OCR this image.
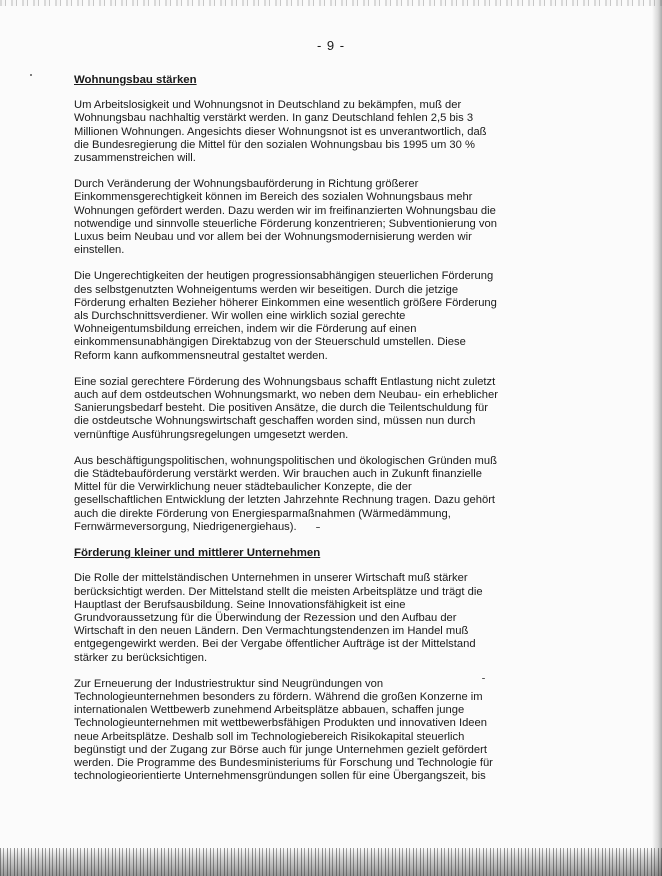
- 9 -
Wohnungsbau stärken

Um Arbeitslosigkeit und Wohnungsnot in Deutschland zu bekämpfen, muß der
Wohnungsbau nachhaltig verstärkt werden. In ganz Deutschland fehlen 2,5 bis 3
Millionen Wohnungen. Angesichts dieser Wohnungsnot ist es unverantwortlich, daß
die Bundesregierung die Mittel für den sozialen Wohnungsbau bis 1995 um 30 %
zusammenstreichen will.

Durch Veränderung der Wohnungsbauförderung in Richtung größerer
Einkommensgerechtigkeit können im Bereich des sozialen Wohnungsbaus mehr
Wohnungen gefördert werden. Dazu werden wir im freifinanzierten Wohnungsbau die
notwendige und sinnvolle steuerliche Förderung konzentrieren; Subventionierung von
Luxus beim Neubau und vor allem bei der Wohnungsmodernisierung werden wir
einstellen.

Die Ungerechtigkeiten der heutigen progressionsabhängigen steuerlichen Förderung
des selbstgenutzten Wohneigentums werden wir beseitigen. Durch die jetzige
Förderung erhalten Bezieher höherer Einkommen eine wesentlich größere Förderung
als Durchschnittsverdiener. Wir wollen eine wirklich sozial gerechte
Wohneigentumsbildung erreichen, indem wir die Förderung auf einen
einkommensunabhängigen Direktabzug von der Steuerschuld umstellen. Diese
Reform kann aufkommensneutral gestaltet werden.

Eine sozial gerechtere Förderung des Wohnungsbaus schafft Entlastung nicht zuletzt
auch auf dem ostdeutschen Wohnungsmarkt, wo neben dem Neubau- ein erheblicher
Sanierungsbedarf besteht. Die positiven Ansätze, die durch die Teilentschuldung für
die ostdeutsche Wohnungswirtschaft geschaffen worden sind, müssen nun durch
vernünftige Ausführungsregelungen umgesetzt werden.

Aus beschäftigungspolitischen, wohnungspolitischen und ökologischen Gründen muß
die Städtebauförderung verstärkt werden. Wir brauchen auch in Zukunft finanzielle
Mittel für die Verwirklichung neuer städtebaulicher Konzepte, die der
gesellschaftlichen Entwicklung der letzten Jahrzehnte Rechnung tragen. Dazu gehört
auch die direkte Förderung von Energiesparmaßnahmen (Wärmedämmung,
Fernwärmeversorgung, Niedrigenergiehaus).

Förderung kleiner und mittlerer Unternehmen

Die Rolle der mittelständischen Unternehmen in unserer Wirtschaft muß stärker
berücksichtigt werden. Der Mittelstand stellt die meisten Arbeitsplätze und trägt die
Hauptlast der Berufsausbildung. Seine Innovationsfähigkeit ist eine
Grundvoraussetzung für die Überwindung der Rezession und den Aufbau der
Wirtschaft in den neuen Ländern. Den Vermachtungstendenzen im Handel muß
entgegengewirkt werden. Bei der Vergabe öffentlicher Aufträge ist der Mittelstand
stärker zu berücksichtigen.

Zur Erneuerung der Industriestruktur sind Neugründungen von
Technologieunternehmen besonders zu fördern. Während die großen Konzerne im
internationalen Wettbewerb zunehmend Arbeitsplätze abbauen, schaffen junge
Technologieunternehmen mit wettbewerbsfähigen Produkten und innovativen Ideen
neue Arbeitsplätze. Deshalb soll im Technologiebereich Risikokapital steuerlich
begünstigt und der Zugang zur Börse auch für junge Unternehmen gezielt gefördert
werden. Die Programme des Bundesministeriums für Forschung und Technologie für
technologieorientierte Unternehmensgründungen sollen für eine Übergangszeit, bis
